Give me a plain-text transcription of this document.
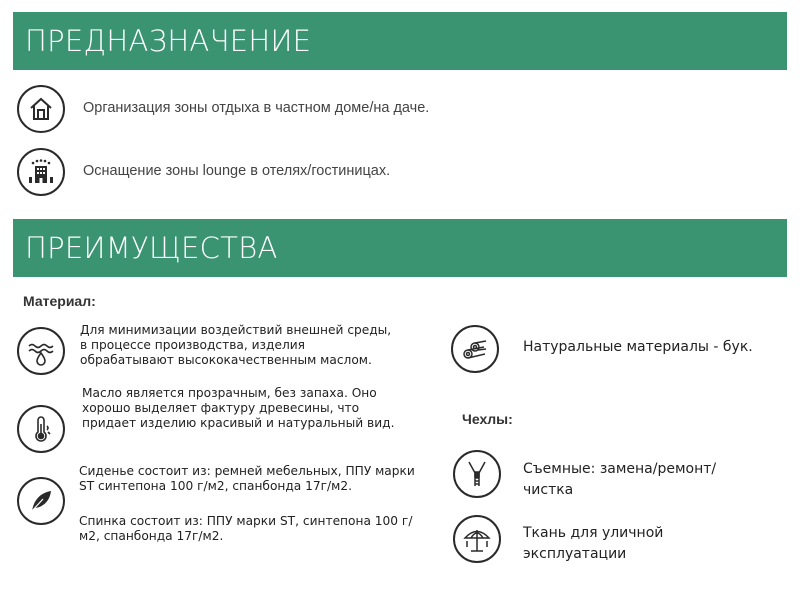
ПРЕДНАЗНАЧЕНИЕ
Организация зоны отдыха в частном доме/на даче.
Оснащение зоны lounge в отелях/гостиницах.
ПРЕИМУЩЕСТВА
Материал:
Для минимизации воздействий внешней среды, в процессе производства, изделия обрабатывают высококачественным маслом.
Масло является прозрачным, без запаха. Оно хорошо выделяет фактуру древесины, что придает изделию красивый и натуральный вид.
Сиденье состоит из: ремней мебельных, ППУ марки ST синтепона 100 г/м2, спанбонда 17г/м2.
Спинка состоит из: ППУ марки ST, синтепона 100 г/м2, спанбонда 17г/м2.
Натуральные материалы - бук.
Чехлы:
Съемные: замена/ремонт/ чистка
Ткань для уличной эксплуатации
